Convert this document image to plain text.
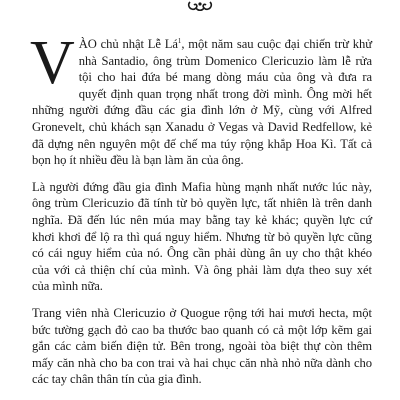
VÀO chủ nhật Lễ $Lá^1$, một năm sau cuộc đại chiến trừ khử nhà Santadio, ông trùm Domenico Clericuzio làm lễ rửa tội cho hai đứa bé mang dòng máu của ông và đưa ra quyết định quan trọng nhất trong đời mình. Ông mời hết những người đứng đầu các gia đình lớn ở Mỹ, cùng với Alfred Gronevelt, chủ khách sạn Xanadu ở Vegas và David Redfellow, kẻ đã dựng nên nguyên một đế chế ma túy rộng khắp Hoa Kì. Tất cả bọn họ ít nhiều đều là bạn làm ăn của ông.

Là người đứng đầu gia đình Mafia hùng mạnh nhất nước lúc này, ông trùm Clericuzio đã tính từ bỏ quyền lực, tất nhiên là trên danh nghĩa. Đã đến lúc nên múa may bằng tay kẻ khác; quyền lực cứ khơi khơi để lộ ra thì quá nguy hiểm. Nhưng từ bỏ quyền lực cũng có cái nguy hiểm của nó. Ông cần phải dùng ân uy cho thật khéo của với cả thiện chí của mình. Và ông phải làm dựa theo suy xét của mình nữa.

Trang viên nhà Clericuzio ở Quogue rộng tới hai mươi hecta, một bức tường gạch đỏ cao ba thước bao quanh có cả một lớp kẽm gai gắn các cảm biến điện tử. Bên trong, ngoài tòa biệt thự còn thêm mấy căn nhà cho ba con trai và hai chục căn nhà nhỏ nữa dành cho các tay chân thân tín của gia đình.
